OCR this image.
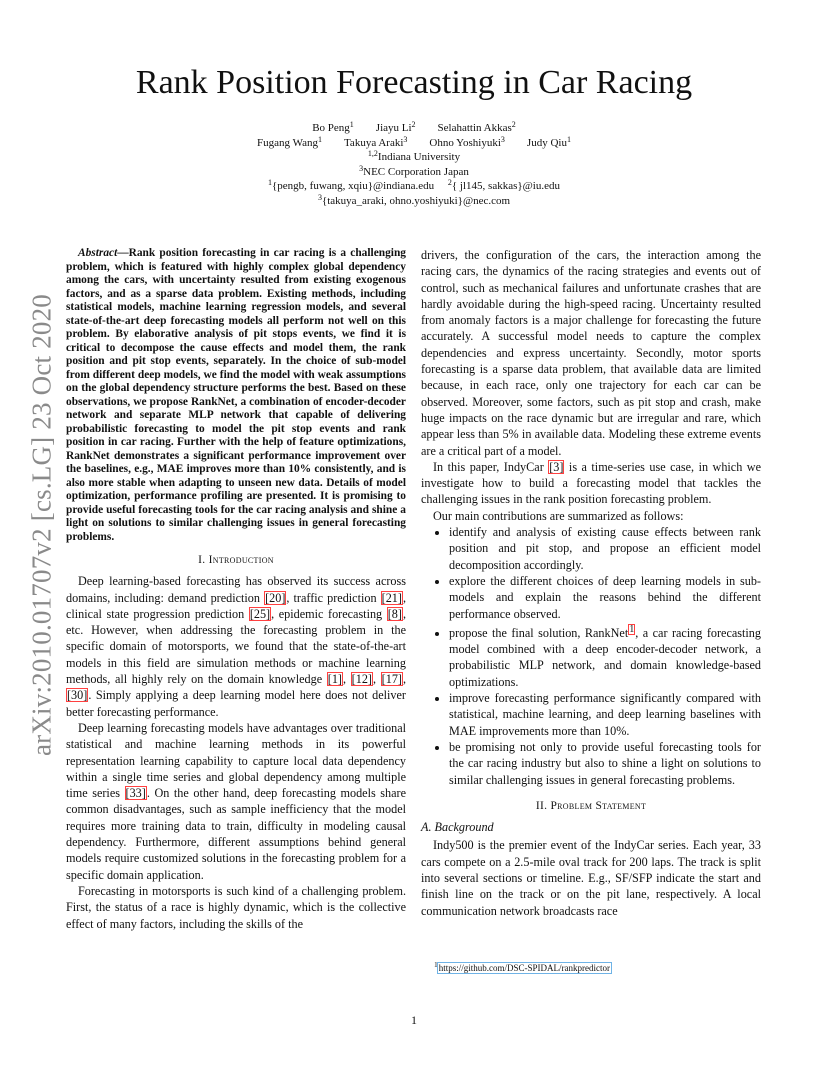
arXiv:2010.01707v2 [cs.LG] 23 Oct 2020
Rank Position Forecasting in Car Racing
Bo Peng$^1$ Jiayu Li$^2$ Selahattin Akkas$^2$
Fugang Wang$^1$ Takuya Araki$^3$ Ohno Yoshiyuki$^3$ Judy Qiu$^1$
$^{1,2}$Indiana University
$^3$NEC Corporation Japan
$^1${pengb, fuwang, xqiu}@indiana.edu $^2${ jl145, sakkas}@iu.edu
$^3${takuya_araki, ohno.yoshiyuki}@nec.com

Abstract—Rank position forecasting in car racing is a challenging problem, which is featured with highly complex global dependency among the cars, with uncertainty resulted from existing exogenous factors, and as a sparse data problem. Existing methods, including statistical models, machine learning regression models, and several state-of-the-art deep forecasting models all perform not well on this problem. By elaborative analysis of pit stops events, we find it is critical to decompose the cause effects and model them, the rank position and pit stop events, separately. In the choice of sub-model from different deep models, we find the model with weak assumptions on the global dependency structure performs the best. Based on these observations, we propose RankNet, a combination of encoder-decoder network and separate MLP network that capable of delivering probabilistic forecasting to model the pit stop events and rank position in car racing. Further with the help of feature optimizations, RankNet demonstrates a significant performance improvement over the baselines, e.g., MAE improves more than 10% consistently, and is also more stable when adapting to unseen new data. Details of model optimization, performance profiling are presented. It is promising to provide useful forecasting tools for the car racing analysis and shine a light on solutions to similar challenging issues in general forecasting problems.

I. Introduction

Deep learning-based forecasting has observed its success across domains, including: demand prediction [20], traffic prediction [21], clinical state progression prediction [25], epidemic forecasting [8], etc. However, when addressing the forecasting problem in the specific domain of motorsports, we found that the state-of-the-art models in this field are simulation methods or machine learning methods, all highly rely on the domain knowledge [1], [12], [17], [30]. Simply applying a deep learning model here does not deliver better forecasting performance.

Deep learning forecasting models have advantages over traditional statistical and machine learning methods in its powerful representation learning capability to capture local data dependency within a single time series and global dependency among multiple time series [33]. On the other hand, deep forecasting models share common disadvantages, such as sample inefficiency that the model requires more training data to train, difficulty in modeling causal dependency. Furthermore, different assumptions behind general models require customized solutions in the forecasting problem for a specific domain application.

Forecasting in motorsports is such kind of a challenging problem. First, the status of a race is highly dynamic, which is the collective effect of many factors, including the skills of the

drivers, the configuration of the cars, the interaction among the racing cars, the dynamics of the racing strategies and events out of control, such as mechanical failures and unfortunate crashes that are hardly avoidable during the high-speed racing. Uncertainty resulted from anomaly factors is a major challenge for forecasting the future accurately. A successful model needs to capture the complex dependencies and express uncertainty. Secondly, motor sports forecasting is a sparse data problem, that available data are limited because, in each race, only one trajectory for each car can be observed. Moreover, some factors, such as pit stop and crash, make huge impacts on the race dynamic but are irregular and rare, which appear less than 5% in available data. Modeling these extreme events are a critical part of a model.

In this paper, IndyCar [3] is a time-series use case, in which we investigate how to build a forecasting model that tackles the challenging issues in the rank position forecasting problem.

Our main contributions are summarized as follows:

• identify and analysis of existing cause effects between rank position and pit stop, and propose an efficient model decomposition accordingly.
• explore the different choices of deep learning models in sub-models and explain the reasons behind the different performance observed.
• propose the final solution, RankNet$^1$, a car racing forecasting model combined with a deep encoder-decoder network, a probabilistic MLP network, and domain knowledge-based optimizations.
• improve forecasting performance significantly compared with statistical, machine learning, and deep learning baselines with MAE improvements more than 10%.
• be promising not only to provide useful forecasting tools for the car racing industry but also to shine a light on solutions to similar challenging issues in general forecasting problems.
II. Problem Statement

A. Background

Indy500 is the premier event of the IndyCar series. Each year, 33 cars compete on a 2.5-mile oval track for 200 laps. The track is split into several sections or timeline. E.g., SF/SFP indicate the start and finish line on the track or on the pit lane, respectively. A local communication network broadcasts race

$^1$https://github.com/DSC-SPIDAL/rankpredictor
1
